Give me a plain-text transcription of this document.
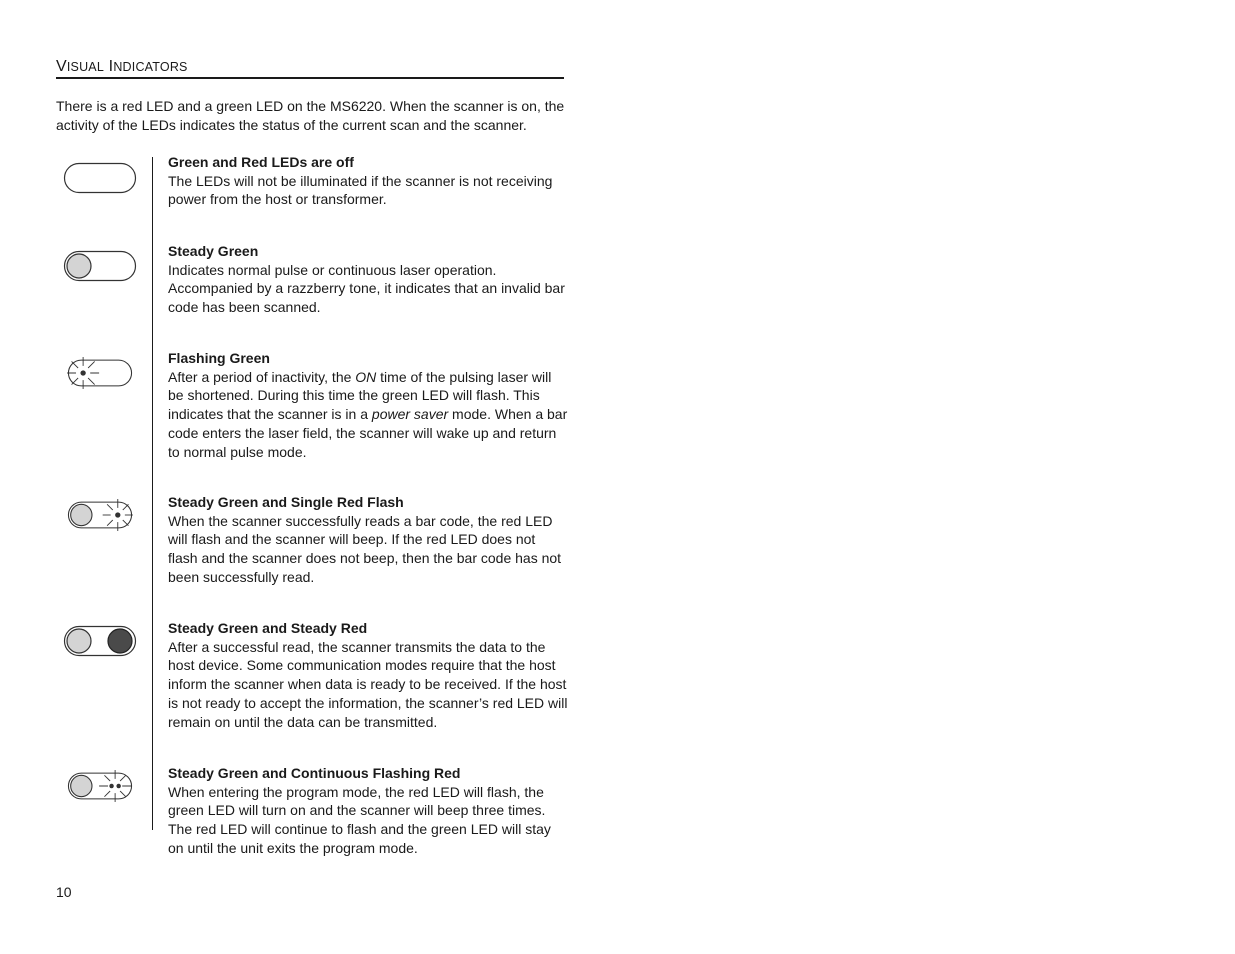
VISUAL INDICATORS
There is a red LED and a green LED on the MS6220. When the scanner is on, the activity of the LEDs indicates the status of the current scan and the scanner.
Green and Red LEDs are off
The LEDs will not be illuminated if the scanner is not receiving power from the host or transformer.
Steady Green
Indicates normal pulse or continuous laser operation. Accompanied by a razzberry tone, it indicates that an invalid bar code has been scanned.
Flashing Green
After a period of inactivity, the ON time of the pulsing laser will be shortened. During this time the green LED will flash. This indicates that the scanner is in a power saver mode. When a bar code enters the laser field, the scanner will wake up and return to normal pulse mode.
Steady Green and Single Red Flash
When the scanner successfully reads a bar code, the red LED will flash and the scanner will beep. If the red LED does not flash and the scanner does not beep, then the bar code has not been successfully read.
Steady Green and Steady Red
After a successful read, the scanner transmits the data to the host device. Some communication modes require that the host inform the scanner when data is ready to be received. If the host is not ready to accept the information, the scanner’s red LED will remain on until the data can be transmitted.
Steady Green and Continuous Flashing Red
When entering the program mode, the red LED will flash, the green LED will turn on and the scanner will beep three times. The red LED will continue to flash and the green LED will stay on until the unit exits the program mode.
10
